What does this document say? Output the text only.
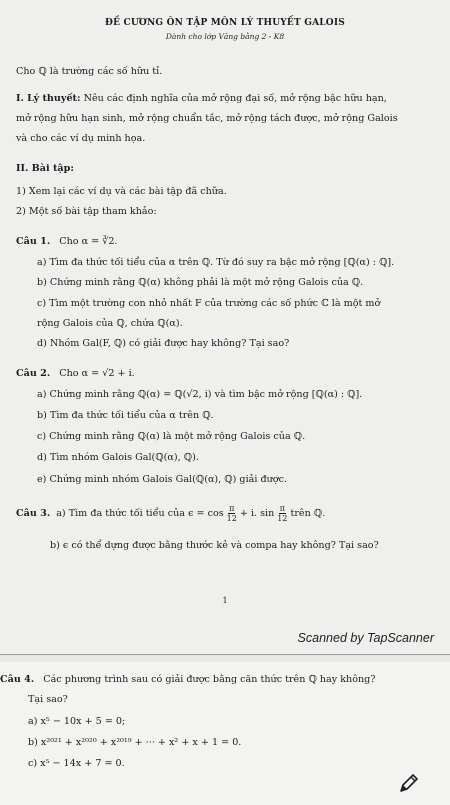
ĐỀ CƯƠNG ÔN TẬP MÔN LÝ THUYẾT GALOIS
Dành cho lớp Văng bằng 2 - K8
Cho ℚ là trường các số hữu tỉ.
I. Lý thuyết: Nêu các định nghĩa của mở rộng đại số, mở rộng bậc hữu hạn,
mở rộng hữu hạn sinh, mở rộng chuẩn tắc, mở rộng tách được, mở rộng Galois
và cho các ví dụ minh họa.
II. Bài tập:
1) Xem lại các ví dụ và các bài tập đã chữa.
2) Một số bài tập tham khảo:
Câu 1. Cho α = ∛2.
a) Tìm đa thức tối tiểu của α trên ℚ. Từ đó suy ra bậc mở rộng [ℚ(α) : ℚ].
b) Chứng minh rằng ℚ(α) không phải là một mở rộng Galois của ℚ.
c) Tìm một trường con nhỏ nhất F của trường các số phức ℂ là một mở
rộng Galois của ℚ, chứa ℚ(α).
d) Nhóm Gal(F, ℚ) có giải được hay không? Tại sao?
Câu 2. Cho α = √2 + i.
a) Chứng minh rằng ℚ(α) = ℚ(√2, i) và tìm bậc mở rộng [ℚ(α) : ℚ].
b) Tìm đa thức tối tiểu của α trên ℚ.
c) Chứng minh rằng ℚ(α) là một mở rộng Galois của ℚ.
d) Tìm nhóm Galois Gal(ℚ(α), ℚ).
e) Chứng minh nhóm Galois Gal(ℚ(α), ℚ) giải được.
Câu 3. a) Tìm đa thức tối tiểu của $\epsilon = \cos \frac{\pi}{12} + i$. $\sin \frac{\pi}{12}$ trên ℚ.
b) ϵ có thể dựng được bằng thước kẻ và compa hay không? Tại sao?
1
Scanned by TapScanner
Câu 4. Các phương trình sau có giải được bằng căn thức trên ℚ hay không?
Tại sao?
a) x⁵ − 10x + 5 = 0;
b) x²⁰²¹ + x²⁰²⁰ + x²⁰¹⁹ + ··· + x² + x + 1 = 0.
c) x⁵ − 14x + 7 = 0.
